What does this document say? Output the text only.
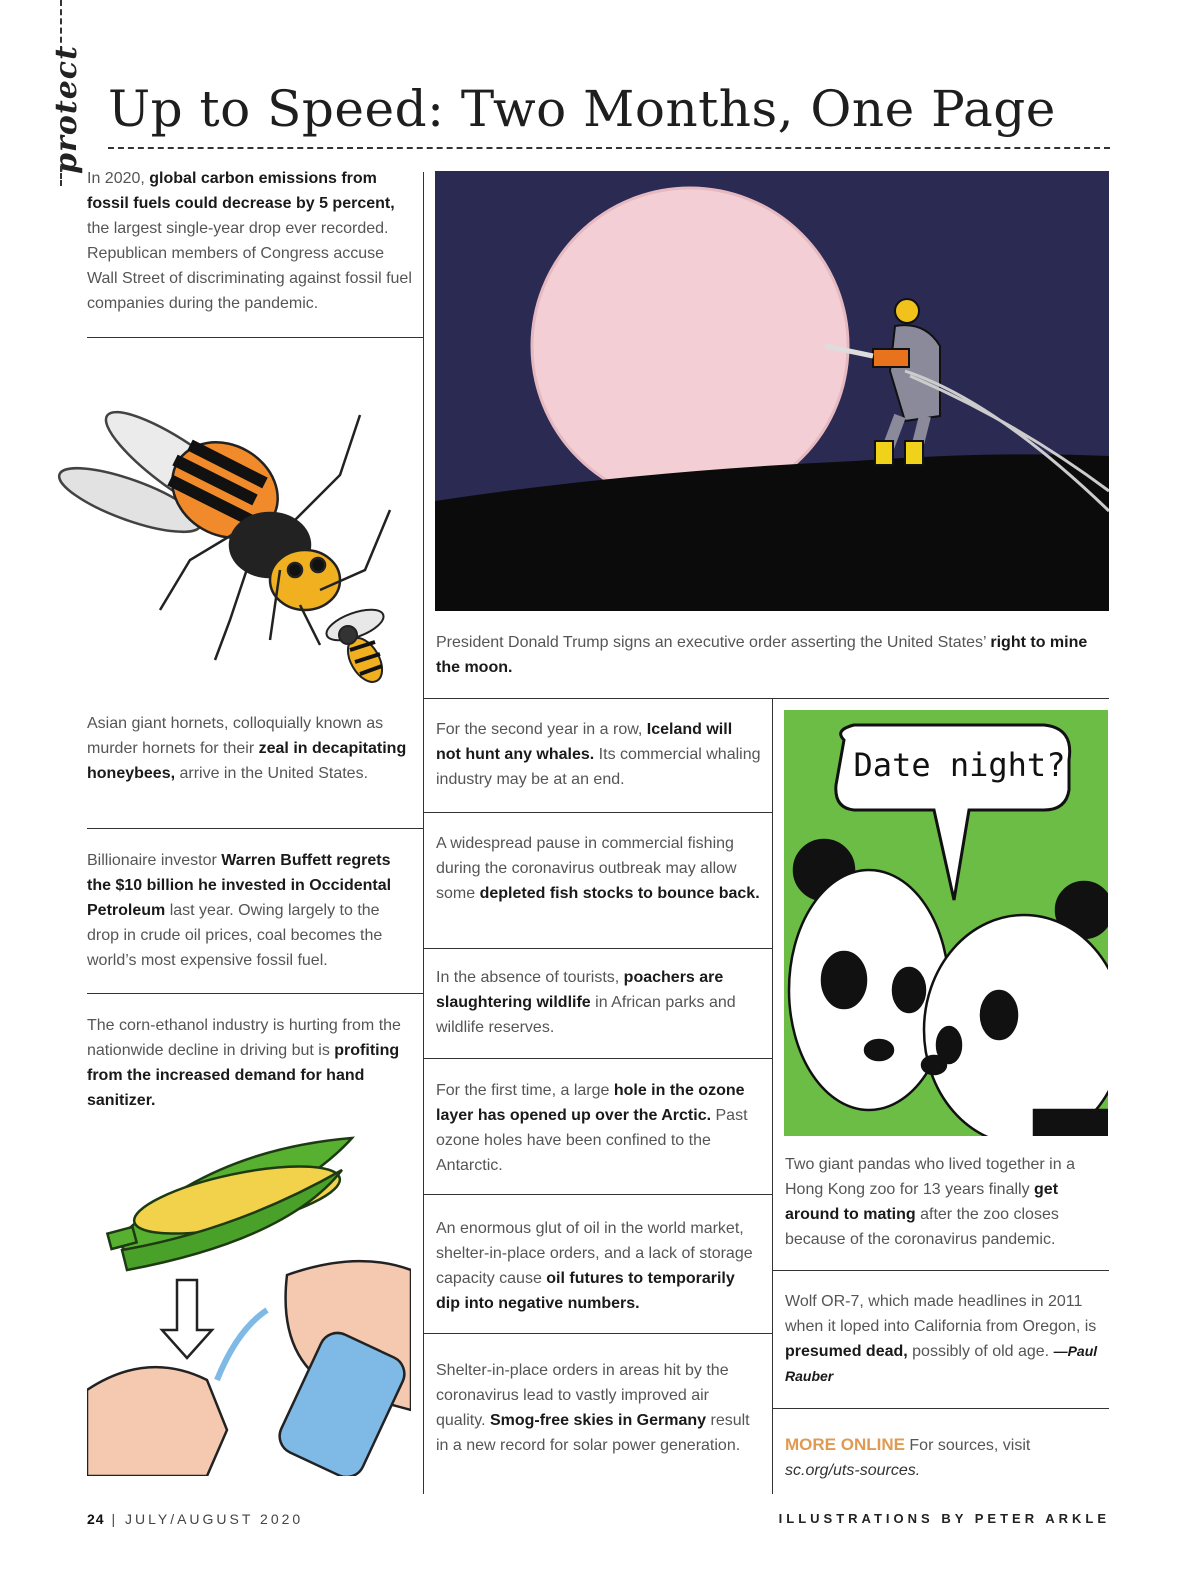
protect Up to Speed: Two Months, One Page
In 2020, global carbon emissions from fossil fuels could decrease by 5 percent, the largest single-year drop ever recorded. Republican members of Congress accuse Wall Street of discriminating against fossil fuel companies during the pandemic.
Asian giant hornets, colloquially known as murder hornets for their zeal in decapitating honeybees, arrive in the United States.
Billionaire investor Warren Buffett regrets the $10 billion he invested in Occidental Petroleum last year. Owing largely to the drop in crude oil prices, coal becomes the world’s most expensive fossil fuel.
The corn-ethanol industry is hurting from the nationwide decline in driving but is profiting from the increased demand for hand sanitizer.
President Donald Trump signs an executive order asserting the United States’ right to mine the moon.
For the second year in a row, Iceland will not hunt any whales. Its commercial whaling industry may be at an end.
A widespread pause in commercial fishing during the coronavirus outbreak may allow some depleted fish stocks to bounce back.
In the absence of tourists, poachers are slaughtering wildlife in African parks and wildlife reserves.
For the first time, a large hole in the ozone layer has opened up over the Arctic. Past ozone holes have been confined to the Antarctic.
An enormous glut of oil in the world market, shelter-in-place orders, and a lack of storage capacity cause oil futures to temporarily dip into negative numbers.
Shelter-in-place orders in areas hit by the coronavirus lead to vastly improved air quality. Smog-free skies in Germany result in a new record for solar power generation.
Date night?
Two giant pandas who lived together in a Hong Kong zoo for 13 years finally get around to mating after the zoo closes because of the coronavirus pandemic.
Wolf OR-7, which made headlines in 2011 when it loped into California from Oregon, is presumed dead, possibly of old age. —Paul Rauber
MORE ONLINE For sources, visit
sc.org/uts-sources.
24 | JULY/AUGUST 2020	ILLUSTRATIONS BY PETER ARKLE
